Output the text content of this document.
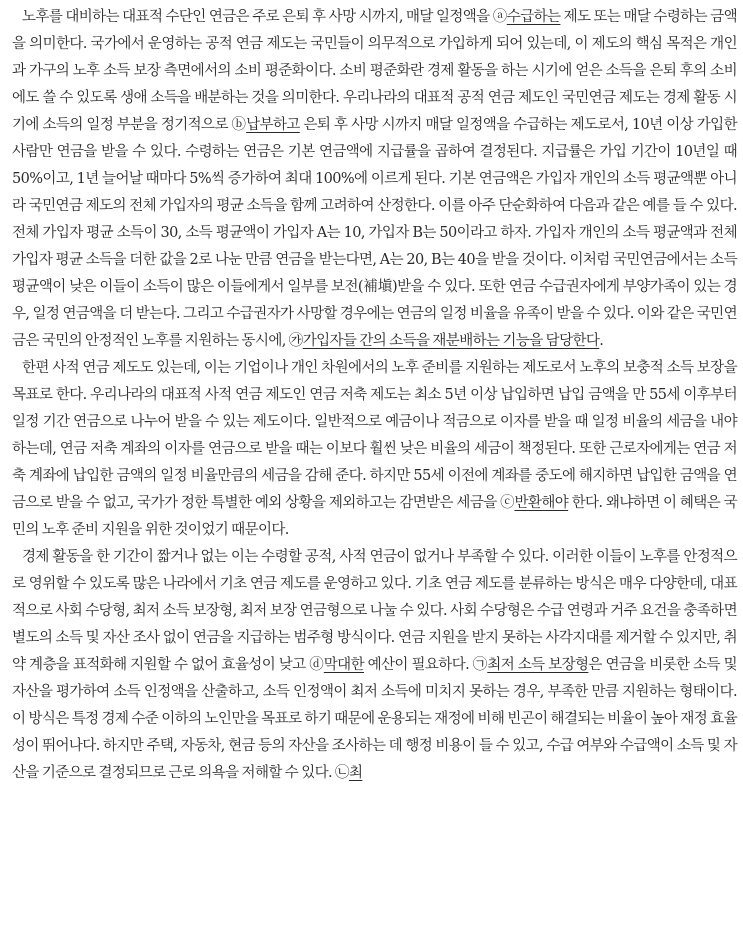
노후를 대비하는 대표적 수단인 연금은 주로 은퇴 후 사망 시까지, 매달 일정액을 ⓐ수급하는 제도 또는 매달 수령하는 금액을 의미한다. 국가에서 운영하는 공적 연금 제도는 국민들이 의무적으로 가입하게 되어 있는데, 이 제도의 핵심 목적은 개인과 가구의 노후 소득 보장 측면에서의 소비 평준화이다. 소비 평준화란 경제 활동을 하는 시기에 얻은 소득을 은퇴 후의 소비에도 쓸 수 있도록 생애 소득을 배분하는 것을 의미한다. 우리나라의 대표적 공적 연금 제도인 국민연금 제도는 경제 활동 시기에 소득의 일정 부분을 정기적으로 ⓑ납부하고 은퇴 후 사망 시까지 매달 일정액을 수급하는 제도로서, 10년 이상 가입한 사람만 연금을 받을 수 있다. 수령하는 연금은 기본 연금액에 지급률을 곱하여 결정된다. 지급률은 가입 기간이 10년일 때 50%이고, 1년 늘어날 때마다 5%씩 증가하여 최대 100%에 이르게 된다. 기본 연금액은 가입자 개인의 소득 평균액뿐 아니라 국민연금 제도의 전체 가입자의 평균 소득을 함께 고려하여 산정한다. 이를 아주 단순화하여 다음과 같은 예를 들 수 있다. 전체 가입자 평균 소득이 30, 소득 평균액이 가입자 A는 10, 가입자 B는 50이라고 하자. 가입자 개인의 소득 평균액과 전체 가입자 평균 소득을 더한 값을 2로 나눈 만큼 연금을 받는다면, A는 20, B는 40을 받을 것이다. 이처럼 국민연금에서는 소득 평균액이 낮은 이들이 소득이 많은 이들에게서 일부를 보전(補塡)받을 수 있다. 또한 연금 수급권자에게 부양가족이 있는 경우, 일정 연금액을 더 받는다. 그리고 수급권자가 사망할 경우에는 연금의 일정 비율을 유족이 받을 수 있다. 이와 같은 국민연금은 국민의 안정적인 노후를 지원하는 동시에, ㉮가입자들 간의 소득을 재분배하는 기능을 담당한다.

한편 사적 연금 제도도 있는데, 이는 기업이나 개인 차원에서의 노후 준비를 지원하는 제도로서 노후의 보충적 소득 보장을 목표로 한다. 우리나라의 대표적 사적 연금 제도인 연금 저축 제도는 최소 5년 이상 납입하면 납입 금액을 만 55세 이후부터 일정 기간 연금으로 나누어 받을 수 있는 제도이다. 일반적으로 예금이나 적금으로 이자를 받을 때 일정 비율의 세금을 내야 하는데, 연금 저축 계좌의 이자를 연금으로 받을 때는 이보다 훨씬 낮은 비율의 세금이 책정된다. 또한 근로자에게는 연금 저축 계좌에 납입한 금액의 일정 비율만큼의 세금을 감해 준다. 하지만 55세 이전에 계좌를 중도에 해지하면 납입한 금액을 연금으로 받을 수 없고, 국가가 정한 특별한 예외 상황을 제외하고는 감면받은 세금을 ⓒ반환해야 한다. 왜냐하면 이 혜택은 국민의 노후 준비 지원을 위한 것이었기 때문이다.

경제 활동을 한 기간이 짧거나 없는 이는 수령할 공적, 사적 연금이 없거나 부족할 수 있다. 이러한 이들이 노후를 안정적으로 영위할 수 있도록 많은 나라에서 기초 연금 제도를 운영하고 있다. 기초 연금 제도를 분류하는 방식은 매우 다양한데, 대표적으로 사회 수당형, 최저 소득 보장형, 최저 보장 연금형으로 나눌 수 있다. 사회 수당형은 수급 연령과 거주 요건을 충족하면 별도의 소득 및 자산 조사 없이 연금을 지급하는 범주형 방식이다. 연금 지원을 받지 못하는 사각지대를 제거할 수 있지만, 취약 계층을 표적화해 지원할 수 없어 효율성이 낮고 ⓓ막대한 예산이 필요하다. ㉠최저 소득 보장형은 연금을 비롯한 소득 및 자산을 평가하여 소득 인정액을 산출하고, 소득 인정액이 최저 소득에 미치지 못하는 경우, 부족한 만큼 지원하는 형태이다. 이 방식은 특정 경제 수준 이하의 노인만을 목표로 하기 때문에 운용되는 재정에 비해 빈곤이 해결되는 비율이 높아 재정 효율성이 뛰어나다. 하지만 주택, 자동차, 현금 등의 자산을 조사하는 데 행정 비용이 들 수 있고, 수급 여부와 수급액이 소득 및 자산을 기준으로 결정되므로 근로 의욕을 저해할 수 있다. ㉡최
